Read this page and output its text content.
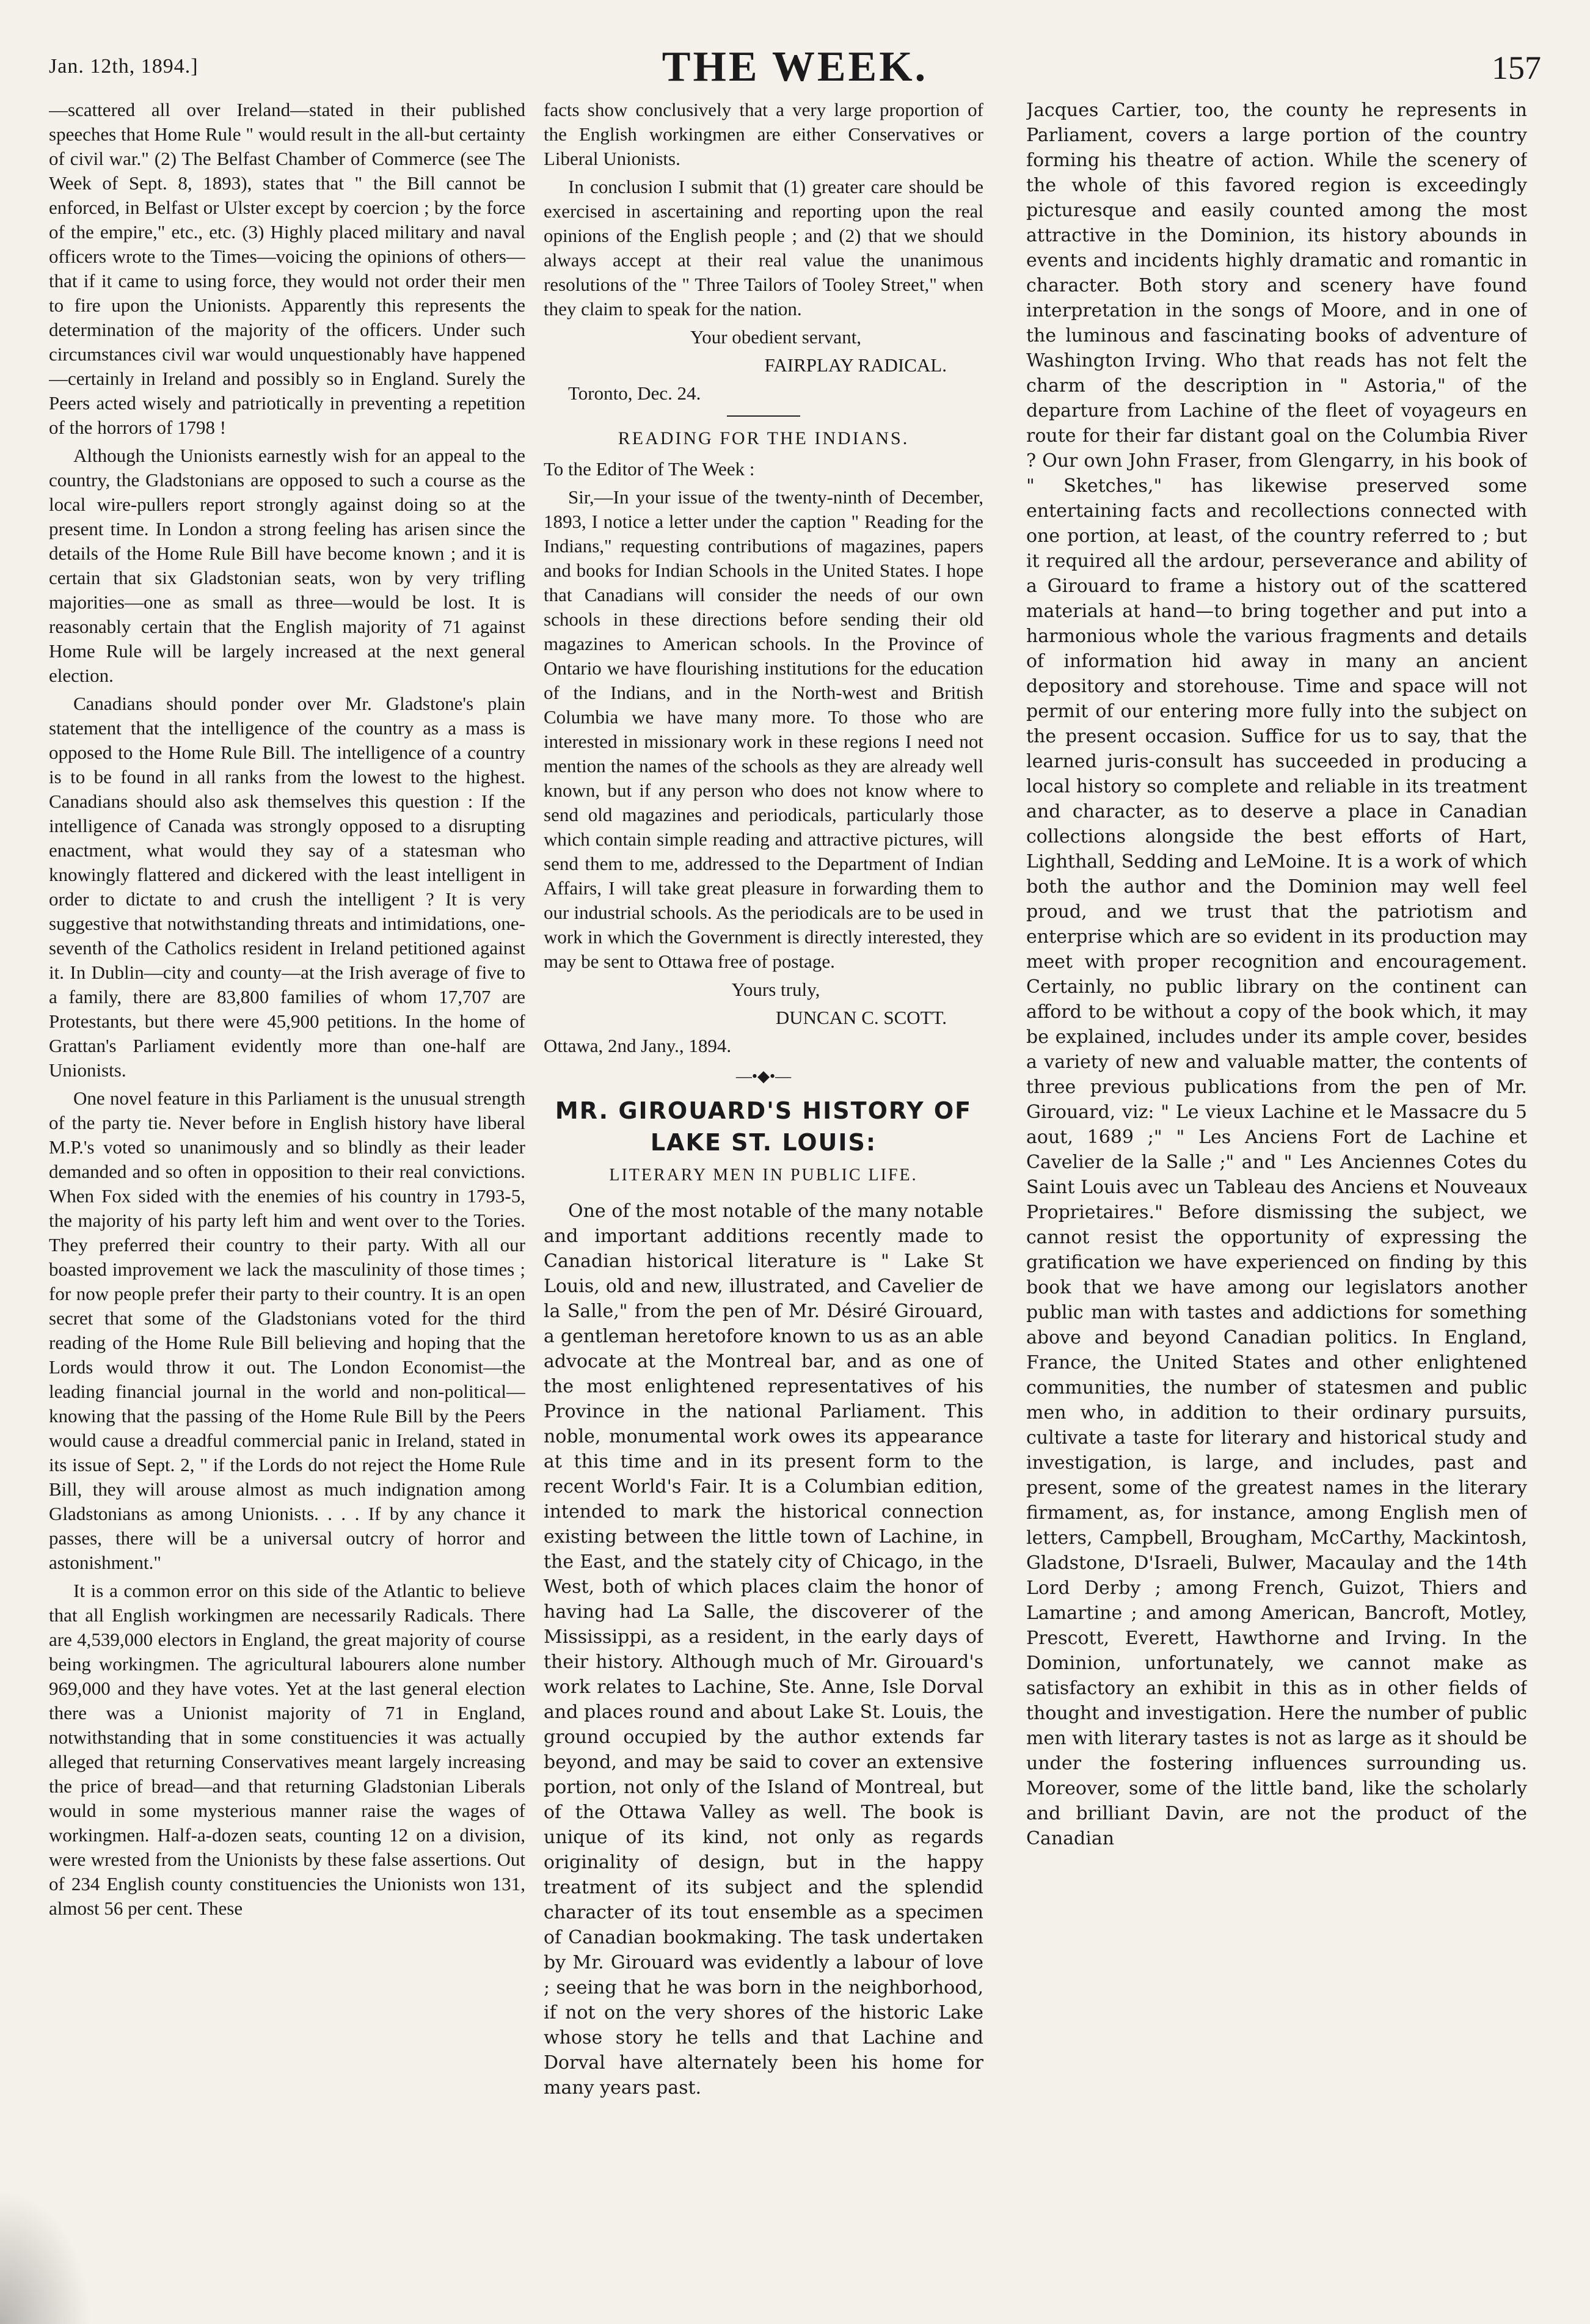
Jan. 12th, 1894.]	THE WEEK.	157

—scattered all over Ireland—stated in their published speeches that Home Rule " would result in the all-but certainty of civil war." (2) The Belfast Chamber of Commerce (see The Week of Sept. 8, 1893), states that " the Bill cannot be enforced, in Belfast or Ulster except by coercion ; by the force of the empire," etc., etc. (3) Highly placed military and naval officers wrote to the Times—voicing the opinions of others—that if it came to using force, they would not order their men to fire upon the Unionists. Apparently this represents the determination of the majority of the officers. Under such circumstances civil war would unquestionably have happened—certainly in Ireland and possibly so in England. Surely the Peers acted wisely and patriotically in preventing a repetition of the horrors of 1798 !

Although the Unionists earnestly wish for an appeal to the country, the Gladstonians are opposed to such a course as the local wire-pullers report strongly against doing so at the present time. In London a strong feeling has arisen since the details of the Home Rule Bill have become known ; and it is certain that six Gladstonian seats, won by very trifling majorities—one as small as three—would be lost. It is reasonably certain that the English majority of 71 against Home Rule will be largely increased at the next general election.

Canadians should ponder over Mr. Gladstone's plain statement that the intelligence of the country as a mass is opposed to the Home Rule Bill. The intelligence of a country is to be found in all ranks from the lowest to the highest. Canadians should also ask themselves this question : If the intelligence of Canada was strongly opposed to a disrupting enactment, what would they say of a statesman who knowingly flattered and dickered with the least intelligent in order to dictate to and crush the intelligent ? It is very suggestive that notwithstanding threats and intimidations, one-seventh of the Catholics resident in Ireland petitioned against it. In Dublin—city and county—at the Irish average of five to a family, there are 83,800 families of whom 17,707 are Protestants, but there were 45,900 petitions. In the home of Grattan's Parliament evidently more than one-half are Unionists.

One novel feature in this Parliament is the unusual strength of the party tie. Never before in English history have liberal M.P.'s voted so unanimously and so blindly as their leader demanded and so often in opposition to their real convictions. When Fox sided with the enemies of his country in 1793-5, the majority of his party left him and went over to the Tories. They preferred their country to their party. With all our boasted improvement we lack the masculinity of those times ; for now people prefer their party to their country. It is an open secret that some of the Gladstonians voted for the third reading of the Home Rule Bill believing and hoping that the Lords would throw it out. The London Economist—the leading financial journal in the world and non-political—knowing that the passing of the Home Rule Bill by the Peers would cause a dreadful commercial panic in Ireland, stated in its issue of Sept. 2, " if the Lords do not reject the Home Rule Bill, they will arouse almost as much indignation among Gladstonians as among Unionists. . . . If by any chance it passes, there will be a universal outcry of horror and astonishment."

It is a common error on this side of the Atlantic to believe that all English workingmen are necessarily Radicals. There are 4,539,000 electors in England, the great majority of course being workingmen. The agricultural labourers alone number 969,000 and they have votes. Yet at the last general election there was a Unionist majority of 71 in England, notwithstanding that in some constituencies it was actually alleged that returning Conservatives meant largely increasing the price of bread—and that returning Gladstonian Liberals would in some mysterious manner raise the wages of workingmen. Half-a-dozen seats, counting 12 on a division, were wrested from the Unionists by these false assertions. Out of 234 English county constituencies the Unionists won 131, almost 56 per cent. These

facts show conclusively that a very large proportion of the English workingmen are either Conservatives or Liberal Unionists.

In conclusion I submit that (1) greater care should be exercised in ascertaining and reporting upon the real opinions of the English people ; and (2) that we should always accept at their real value the unanimous resolutions of the " Three Tailors of Tooley Street," when they claim to speak for the nation.

Your obedient servant,

FAIRPLAY RADICAL.

Toronto, Dec. 24.

READING FOR THE INDIANS.

To the Editor of The Week :

Sir,—In your issue of the twenty-ninth of December, 1893, I notice a letter under the caption " Reading for the Indians," requesting contributions of magazines, papers and books for Indian Schools in the United States. I hope that Canadians will consider the needs of our own schools in these directions before sending their old magazines to American schools. In the Province of Ontario we have flourishing institutions for the education of the Indians, and in the North-west and British Columbia we have many more. To those who are interested in missionary work in these regions I need not mention the names of the schools as they are already well known, but if any person who does not know where to send old magazines and periodicals, particularly those which contain simple reading and attractive pictures, will send them to me, addressed to the Department of Indian Affairs, I will take great pleasure in forwarding them to our industrial schools. As the periodicals are to be used in work in which the Government is directly interested, they may be sent to Ottawa free of postage.

Yours truly,

DUNCAN C. SCOTT.

Ottawa, 2nd Jany., 1894.

—•◆•—
MR. GIROUARD'S HISTORY OF LAKE ST. LOUIS:
LITERARY MEN IN PUBLIC LIFE.

One of the most notable of the many notable and important additions recently made to Canadian historical literature is " Lake St Louis, old and new, illustrated, and Cavelier de la Salle," from the pen of Mr. Désiré Girouard, a gentleman heretofore known to us as an able advocate at the Montreal bar, and as one of the most enlightened representatives of his Province in the national Parliament. This noble, monumental work owes its appearance at this time and in its present form to the recent World's Fair. It is a Columbian edition, intended to mark the historical connection existing between the little town of Lachine, in the East, and the stately city of Chicago, in the West, both of which places claim the honor of having had La Salle, the discoverer of the Mississippi, as a resident, in the early days of their history. Although much of Mr. Girouard's work relates to Lachine, Ste. Anne, Isle Dorval and places round and about Lake St. Louis, the ground occupied by the author extends far beyond, and may be said to cover an extensive portion, not only of the Island of Montreal, but of the Ottawa Valley as well. The book is unique of its kind, not only as regards originality of design, but in the happy treatment of its subject and the splendid character of its tout ensemble as a specimen of Canadian bookmaking. The task undertaken by Mr. Girouard was evidently a labour of love ; seeing that he was born in the neighborhood, if not on the very shores of the historic Lake whose story he tells and that Lachine and Dorval have alternately been his home for many years past.

Jacques Cartier, too, the county he represents in Parliament, covers a large portion of the country forming his theatre of action. While the scenery of the whole of this favored region is exceedingly picturesque and easily counted among the most attractive in the Dominion, its history abounds in events and incidents highly dramatic and romantic in character. Both story and scenery have found interpretation in the songs of Moore, and in one of the luminous and fascinating books of adventure of Washington Irving. Who that reads has not felt the charm of the description in " Astoria," of the departure from Lachine of the fleet of voyageurs en route for their far distant goal on the Columbia River ? Our own John Fraser, from Glengarry, in his book of " Sketches," has likewise preserved some entertaining facts and recollections connected with one portion, at least, of the country referred to ; but it required all the ardour, perseverance and ability of a Girouard to frame a history out of the scattered materials at hand—to bring together and put into a harmonious whole the various fragments and details of information hid away in many an ancient depository and storehouse. Time and space will not permit of our entering more fully into the subject on the present occasion. Suffice for us to say, that the learned juris-consult has succeeded in producing a local history so complete and reliable in its treatment and character, as to deserve a place in Canadian collections alongside the best efforts of Hart, Lighthall, Sedding and LeMoine. It is a work of which both the author and the Dominion may well feel proud, and we trust that the patriotism and enterprise which are so evident in its production may meet with proper recognition and encouragement. Certainly, no public library on the continent can afford to be without a copy of the book which, it may be explained, includes under its ample cover, besides a variety of new and valuable matter, the contents of three previous publications from the pen of Mr. Girouard, viz: " Le vieux Lachine et le Massacre du 5 aout, 1689 ;" " Les Anciens Fort de Lachine et Cavelier de la Salle ;" and " Les Anciennes Cotes du Saint Louis avec un Tableau des Anciens et Nouveaux Proprietaires." Before dismissing the subject, we cannot resist the opportunity of expressing the gratification we have experienced on finding by this book that we have among our legislators another public man with tastes and addictions for something above and beyond Canadian politics. In England, France, the United States and other enlightened communities, the number of statesmen and public men who, in addition to their ordinary pursuits, cultivate a taste for literary and historical study and investigation, is large, and includes, past and present, some of the greatest names in the literary firmament, as, for instance, among English men of letters, Campbell, Brougham, McCarthy, Mackintosh, Gladstone, D'Israeli, Bulwer, Macaulay and the 14th Lord Derby ; among French, Guizot, Thiers and Lamartine ; and among American, Bancroft, Motley, Prescott, Everett, Hawthorne and Irving. In the Dominion, unfortunately, we cannot make as satisfactory an exhibit in this as in other fields of thought and investigation. Here the number of public men with literary tastes is not as large as it should be under the fostering influences surrounding us. Moreover, some of the little band, like the scholarly and brilliant Davin, are not the product of the Canadian
